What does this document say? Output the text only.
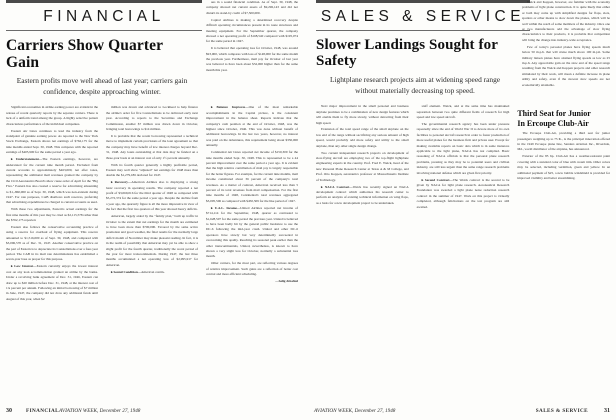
FINANCIAL
Carriers Show Quarter Gain
Eastern profits move well ahead of last year; carriers gain confidence, despite approaching winter.

ues in a sound financial condition. As of Sept. 30, 1948, the company showed net current assets of $9,296,143 and did not disturb its stand-by credit of $7,500,000.

Capital Airlines is making a determined recovery despite difficult operating circumstances present in its route structures and meeting equipment. For the September quarter, the company showed a net operating profit of $168,540 compared with $195,074 for the same period in 1947.

It is believed that operating loss for October, 1948, was around $93,000, which compares with loss of $148,000 for the same month the previous year. Furthermore, mail pay for October of last year was believed to have been about $52,000 higher than for the same month this year.

Significant economies in airline earning power are evident in the release of recent quarterly reports by the separate carriers. There is lack of a uniform trend among the group. A highly selective pattern characterizes performance of the individual companies.

Eastern Air Lines continues to lead the industry from the standpoint of genuine earning power. As reported to the New York Stock Exchange, Eastern shows net earnings of $762,175 for the nine months ended Sept. 30, 1948. This compares with the reported earnings of $405,900 for the same period a year ago.

▸ Understatement—The Eastern earnings, however, are understated for the current nine month period. Excluded from current accounts is approximately $463,000, net after taxes, representing the additional mail revenues granted the company by the Civil Aeronautics Board's show cause order of April for the "Big Five." Eastern has also created a reserve for advertising amounting to $1,-860,000 as of Sept. 30, 1948, which was non-existent during 1947. For rate purposes, CAB disallows such reserves, preferring that advertising expenditures be charged to current accounts as used.

With these two adjustments, Eastern's actual earnings for the first nine months of this year may be cited as $2,115,578 rather than the $762,175 reported.

Eastern also follows the conservative accounting practice of using a reserve for overhaul of flying equipment. This reserve amounted to $1,516,000 as of Sept. 30, 1948, and compared with $3,096,570 as of Dec. 31, 1947. Another conservative practice on the part of Eastern is to depreciate its Constellations over a four-year period. The CAB in its mail rate determinations has established a seven-year base as proper for this purpose.

▸ Low Interest—Eastern currently enjoys the lowest interest cost on any loan accommodation granted an airline by the banks. Under a revolving bank agreement of Dec. 31, 1946, Eastern can draw up to $20 million before Dec. 31, 1948, at the interest cost of 1¼ percent per annum. Following an initial borrowing of $7 million in June, 1947, the company did not draw any additional funds until August of this year, when $2

million was drawn and advanced to Lockheed to help finance the airline's order for five Constellations to be delivered early next year. According to reports to the Securities and Exchange Commission, another $7 million was drawn down in October, bringing total borrowings to $14 million.

It is probable that the recent borrowing represented a technical move to implement certain provisions of the loan agreement so that the company may have benefit of low interest charges beyond Dec. 31, 1948. Any loans outstanding at that date may be funded on a three-year basis at an interest cost of only 1½ percent annually.

With its fourth quarter generally a highly profitable period, Eastern may well show "adjusted" net earnings for 1948 more than double the $1,279,186 declared for 1947.

▸ Recovery—American Airlines also is displaying a strong basic recovery in operating results. The company reported a net profit of $3,069,016 for the third quarter of 1948 as compared with $5,272,374 for the same period a year ago. Despite the decline from a year ago, the quarterly figure is all the more impressive in view of the fact that the first two quarters of this year showed heavy deficits.

American, largely aided by the "family plan," built up traffic in October to the extent that net earnings for the month are estimated to have been more than $700,000. Favored by the same active promotion and good weather, the final results for the normally large deficit month of November may make pleasant reading. In fact, it is in the realm of possibility that American may yet be able to show a slight profit for the fourth quarter, traditionally the worst period of the year for most transcontinentals. During 1947, the last three months accumulated a net operating loss of $2,995,917 for American.

▸ Sound Condition—American contin-

▸ Balance Improves—One of the most remarkable accomplishments in the Capital picture, is the consistent improvement in the balance sheet. Reports indicate that the company's cash position at the end of October, 1948, was the highest since October, 1946. This was done without benefit of additional borrowings. In the last two years, however, no interest was paid on the debentures, this requirement being about $330,000 annually.

Continental Air Lines reported net income of $150,309 for the nine months ended Sept. 30, 1948. This is represented to be a 44 percent improvement over the same period a year ago. It is evident that the high relative contribution of mail pay is largely responsible for the better figures. For example, for the current nine months, mail income constituted about 36 percent of the company's total revenues. As a matter of contrast, American received less than 5 percent of its total revenues from mail compensation. For the first nine months of 1948, Continental's total revenues aggregated $3,005,506 as compared with $450,509 for the like period of 1947.

▸ U.A.L. Income—United Airlines reported net income of $714,114 for the September, 1948, quarter as contrasted to $1,628,507 for the same period the previous year. United is believed to have been badly hit by the general public hesitance to use the DC-6 following the mid-year crash. United and other DC-6 operators have slowly but very determinedly succeeded in overcoming this apathy. Reaching its seasonal peak earlier than the other transcontinentals, United, nevertheless, is known to have shown a very slight loss for October, normally a substantial loss month.

Other carriers, for the most part, are reflecting various degrees of relative improvement. Such gains are a reflection of better cost control and more efficient scheduling.

—Selig Altschul

30	FINANCIAL AVIATION WEEK, December 27, 1948
SALES & SERVICE
Slower Landings Sought for Safety
Lightplane research projects aim at widening speed range without materially decreasing top speed.

Weick and Koppen, however, are familiar with the economy problems of light plane construction. It is quite likely that either or both may come up with simplified designs for flaps, slots, spoilers or other means to slow down the planes, which will be well within the reach of some members of the industry. Once one or two manufacturers add the advantage of slow flying characteristics to their products, it is probable that competition will bring the change into industry-wide acceptance.

Few of today's personal planes have flying speeds much below 50 m.p.h. that will cruise much above 100 m.p.h. Some military liaison planes have attained flying speeds as low as 25 m.p.h. Any appreciable gain on the slow end of the speed range resulting from the Weick and Koppen projects and other research stimulated by their work, will mean a definite increase in plane utility and safety, even if the slowest slow speeds are not economically attainable.

Next major improvement in the small personal and business airplane promises to be a combination of new design features which will enable them to fly more slowly, without detracting from their high speed.

Extension of the total speed range of the small airplane on the low end of the range without sacrificing any serious amount of high speed, would probably add more safety and utility to the small airplane, than any other single design change.

Two current independent research projects on development of slow-flying aircraft are employing two of the top-flight lightplane engineering experts in the country. Prof. Fred E. Weick, head of the new Personal Plane Research Center at Texas A & M College, and Prof. Otto Koppen, aeronautics professor at Massachusetts Institute of Technology.

▸ NACA Contract—Weick has recently signed an NACA development contract which authorizes his research center to perform an analysis of existing technical information on wing flaps, as a basis for a new development project to be undertaken.

staff element. Weick, and at the same time has maintained separation between two quite different fields of research for high speed and low speed aircraft.

The governmental research agency has been under pressure repeatedly since the end of World War II to devote more of its own facilities to personal aircraft research in order to foster production of more useful planes for the business firm and private user. Except for making available reports on basic data which is in some instances applicable to the light plane, NACA has not complied. Basic reasoning of NACA officials is that the personal plane research problems, pressing as they may be to potential users and civilian industry, are still less urgent than the same range research problems involving national defense which are given first priority.

▸ Second Contract—The Weick contract is the second to be given by NACA for light plane research. Aeronautical Research Foundation was awarded a light plane noise reduction research contract in the summer of 1947. Work on this project is virtually completed, although felicitations on the test program are still awaited.

Third Seat for Junior
In Ercoupe Club-Air

The Ercoupe Club-Air, providing a third seat for junior passengers weighing up to 75 lb., is the principal innovation offered in the 1949 Ercoupe plane line, Sanders Aviation Inc., Riverdale, Md., world distributor of the airplane, has announced.

Exterior of the 85 hp. Club-Air has a weather-resistant paint covering with a standard color of blue with cream trim. Other colors may be selected, including vermilion, green and yellow. In an additional payment of $25, a new bubble windshield is provided for improved visibility and better streamlining.

AVIATION WEEK, December 27, 1948	SALES & SERVICE	31
